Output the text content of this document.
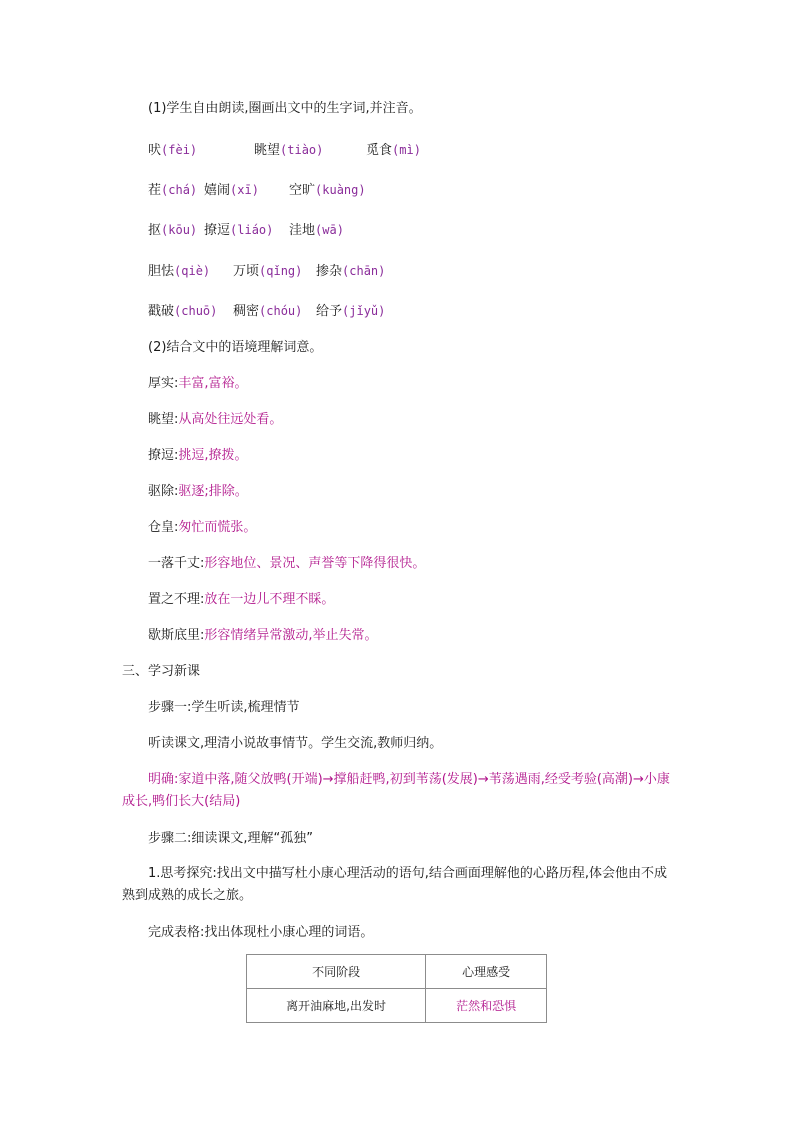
(1)学生自由朗读,圈画出文中的生字词,并注音。
吠(fèi)	眺望(tiào)	觅食(mì)
茬(chá) 嬉闹(xī) 空旷(kuàng)
抠(kōu) 撩逗(liáo) 洼地(wā)
胆怯(qiè) 万顷(qǐng) 掺杂(chān)
戳破(chuō) 稠密(chóu) 给予(jǐyǔ)
(2)结合文中的语境理解词意。
厚实:丰富,富裕。
眺望:从高处往远处看。
撩逗:挑逗,撩拨。
驱除:驱逐;排除。
仓皇:匆忙而慌张。
一落千丈:形容地位、景况、声誉等下降得很快。
置之不理:放在一边儿不理不睬。
歇斯底里:形容情绪异常激动,举止失常。
三、学习新课
步骤一:学生听读,梳理情节
听读课文,理清小说故事情节。学生交流,教师归纳。
明确:家道中落,随父放鸭(开端)→撑船赶鸭,初到苇荡(发展)→苇荡遇雨,经受考验(高潮)→小康成长,鸭们长大(结局)
步骤二:细读课文,理解“孤独”
1.思考探究:找出文中描写杜小康心理活动的语句,结合画面理解他的心路历程,体会他由不成熟到成熟的成长之旅。
完成表格:找出体现杜小康心理的词语。
不同阶段	心理感受
离开油麻地,出发时	茫然和恐惧
